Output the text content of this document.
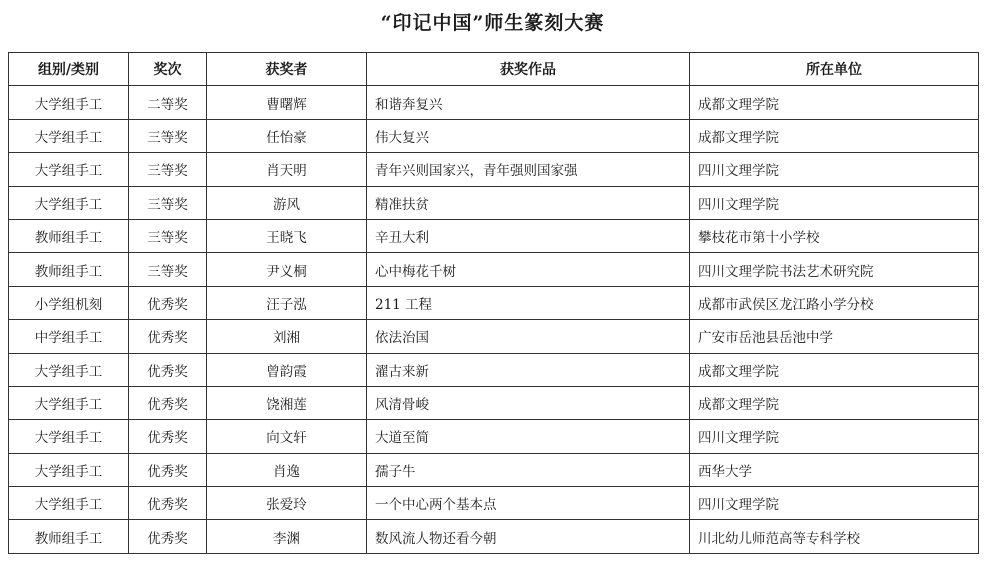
“印记中国”师生篆刻大赛
组别/类别	奖次	获奖者	获奖作品	所在单位
大学组手工	二等奖	曹曙辉	和谐奔复兴	成都文理学院
大学组手工	三等奖	任怡豪	伟大复兴	成都文理学院
大学组手工	三等奖	肖天明	青年兴则国家兴，青年强则国家强	四川文理学院
大学组手工	三等奖	游风	精准扶贫	四川文理学院
教师组手工	三等奖	王晓飞	辛丑大利	攀枝花市第十小学校
教师组手工	三等奖	尹义桐	心中梅花千树	四川文理学院书法艺术研究院
小学组机刻	优秀奖	汪子泓	211 工程	成都市武侯区龙江路小学分校
中学组手工	优秀奖	刘湘	依法治国	广安市岳池县岳池中学
大学组手工	优秀奖	曾韵霞	濯古来新	成都文理学院
大学组手工	优秀奖	饶湘莲	风清骨峻	成都文理学院
大学组手工	优秀奖	向文轩	大道至简	四川文理学院
大学组手工	优秀奖	肖逸	孺子牛	西华大学
大学组手工	优秀奖	张爱玲	一个中心两个基本点	四川文理学院
教师组手工	优秀奖	李渊	数风流人物还看今朝	川北幼儿师范高等专科学校
